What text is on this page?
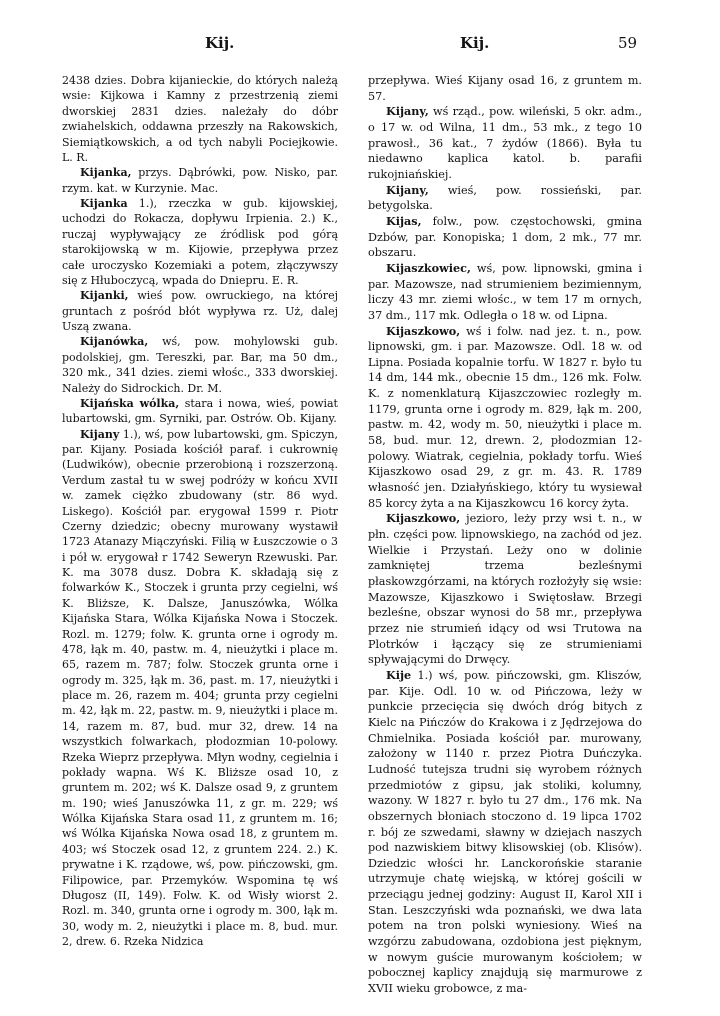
Kij.	Kij.	59

2438 dzies. Dobra kijanieckie, do których należą wsie: Kijkowa i Kamny z przestrzenią ziemi dworskiej 2831 dzies. należały do dóbr zwiahelskich, oddawna przeszły na Rakowskich, Siemiątkowskich, a od tych nabyli Pociejkowie. L. R.

Kijanka, przys. Dąbrówki, pow. Nisko, par. rzym. kat. w Kurzynie. Mac.

Kijanka 1.), rzeczka w gub. kijowskiej, uchodzi do Rokacza, dopływu Irpienia. 2.) K., ruczaj wypływający ze źródlisk pod górą starokijowską w m. Kijowie, przepływa przez całe uroczysko Kozemiaki a potem, złączywszy się z Hłuboczycą, wpada do Dniepru. E. R.

Kijanki, wieś pow. owruckiego, na której gruntach z pośród błót wypływa rz. Uż, dalej Uszą zwana.

Kijanówka, wś, pow. mohylowski gub. podolskiej, gm. Tereszki, par. Bar, ma 50 dm., 320 mk., 341 dzies. ziemi włośc., 333 dworskiej. Należy do Sidrockich. Dr. M.

Kijańska wólka, stara i nowa, wieś, powiat lubartowski, gm. Syrniki, par. Ostrów. Ob. Kijany.

Kijany 1.), wś, pow lubartowski, gm. Spiczyn, par. Kijany. Posiada kościół paraf. i cukrownię (Ludwików), obecnie przerobioną i rozszerzoną. Verdum zastał tu w swej podróży w końcu XVII w. zamek ciężko zbudowany (str. 86 wyd. Liskego). Kościół par. erygował 1599 r. Piotr Czerny dziedzic; obecny murowany wystawił 1723 Atanazy Miączyński. Filią w Łuszczowie o 3 i pół w. erygował r 1742 Seweryn Rzewuski. Par. K. ma 3078 dusz. Dobra K. składają się z folwarków K., Stoczek i grunta przy cegielni, wś K. Bliższe, K. Dalsze, Januszówka, Wólka Kijańska Stara, Wólka Kijańska Nowa i Stoczek. Rozl. m. 1279; folw. K. grunta orne i ogrody m. 478, łąk m. 40, pastw. m. 4, nieużytki i place m. 65, razem m. 787; folw. Stoczek grunta orne i ogrody m. 325, łąk m. 36, past. m. 17, nieużytki i place m. 26, razem m. 404; grunta przy cegielni m. 42, łąk m. 22, pastw. m. 9, nieużytki i place m. 14, razem m. 87, bud. mur 32, drew. 14 na wszystkich folwarkach, płodozmian 10-polowy. Rzeka Wieprz przepływa. Młyn wodny, cegielnia i pokłady wapna. Wś K. Bliższe osad 10, z gruntem m. 202; wś K. Dalsze osad 9, z gruntem m. 190; wieś Januszówka 11, z gr. m. 229; wś Wólka Kijańska Stara osad 11, z gruntem m. 16; wś Wólka Kijańska Nowa osad 18, z gruntem m. 403; wś Stoczek osad 12, z gruntem 224. 2.) K. prywatne i K. rządowe, wś, pow. pińczowski, gm. Filipowice, par. Przemyków. Wspomina tę wś Długosz (II, 149). Folw. K. od Wisły wiorst 2. Rozl. m. 340, grunta orne i ogrody m. 300, łąk m. 30, wody m. 2, nieużytki i place m. 8, bud. mur. 2, drew. 6. Rzeka Nidzica

przepływa. Wieś Kijany osad 16, z gruntem m. 57.

Kijany, wś rząd., pow. wileński, 5 okr. adm., o 17 w. od Wilna, 11 dm., 53 mk., z tego 10 prawosł., 36 kat., 7 żydów (1866). Była tu niedawno kaplica katol. b. parafii rukojniańskiej.

Kijany, wieś, pow. rossieński, par. betygolska.

Kijas, folw., pow. częstochowski, gmina Dzbów, par. Konopiska; 1 dom, 2 mk., 77 mr. obszaru.

Kijaszkowiec, wś, pow. lipnowski, gmina i par. Mazowsze, nad strumieniem bezimiennym, liczy 43 mr. ziemi włośc., w tem 17 m ornych, 37 dm., 117 mk. Odległa o 18 w. od Lipna.

Kijaszkowo, wś i folw. nad jez. t. n., pow. lipnowski, gm. i par. Mazowsze. Odl. 18 w. od Lipna. Posiada kopalnie torfu. W 1827 r. było tu 14 dm, 144 mk., obecnie 15 dm., 126 mk. Folw. K. z nomenklaturą Kijaszczowiec rozległy m. 1179, grunta orne i ogrody m. 829, łąk m. 200, pastw. m. 42, wody m. 50, nieużytki i place m. 58, bud. mur. 12, drewn. 2, płodozmian 12-polowy. Wiatrak, cegielnia, pokłady torfu. Wieś Kijaszkowo osad 29, z gr. m. 43. R. 1789 własność jen. Działyńskiego, który tu wysiewał 85 korcy żyta a na Kijaszkowcu 16 korcy żyta.

Kijaszkowo, jezioro, leży przy wsi t. n., w płn. części pow. lipnowskiego, na zachód od jez. Wielkie i Przystań. Leży ono w dolinie zamkniętej trzema bezleśnymi płaskowzgórzami, na których rozłożyły się wsie: Mazowsze, Kijaszkowo i Swiętosław. Brzegi bezleśne, obszar wynosi do 58 mr., przepływa przez nie strumień idący od wsi Trutowa na Plotrków i łączący się ze strumieniami spływającymi do Drwęcy.

Kije 1.) wś, pow. pińczowski, gm. Kliszów, par. Kije. Odl. 10 w. od Pińczowa, leży w punkcie przecięcia się dwóch dróg bitych z Kielc na Pińczów do Krakowa i z Jędrzejowa do Chmielnika. Posiada kościół par. murowany, założony w 1140 r. przez Piotra Duńczyka. Ludność tutejsza trudni się wyrobem różnych przedmiotów z gipsu, jak stoliki, kolumny, wazony. W 1827 r. było tu 27 dm., 176 mk. Na obszernych błoniach stoczono d. 19 lipca 1702 r. bój ze szwedami, sławny w dziejach naszych pod nazwiskiem bitwy klisowskiej (ob. Klisów). Dziedzic włości hr. Lanckorońskie staranie utrzymuje chatę wiejską, w której gościli w przeciągu jednej godziny: August II, Karol XII i Stan. Leszczyński wda poznański, we dwa lata potem na tron polski wyniesiony. Wieś na wzgórzu zabudowana, ozdobiona jest pięknym, w nowym guście murowanym kościołem; w pobocznej kaplicy znajdują się marmurowe z XVII wieku grobowce, z ma-
